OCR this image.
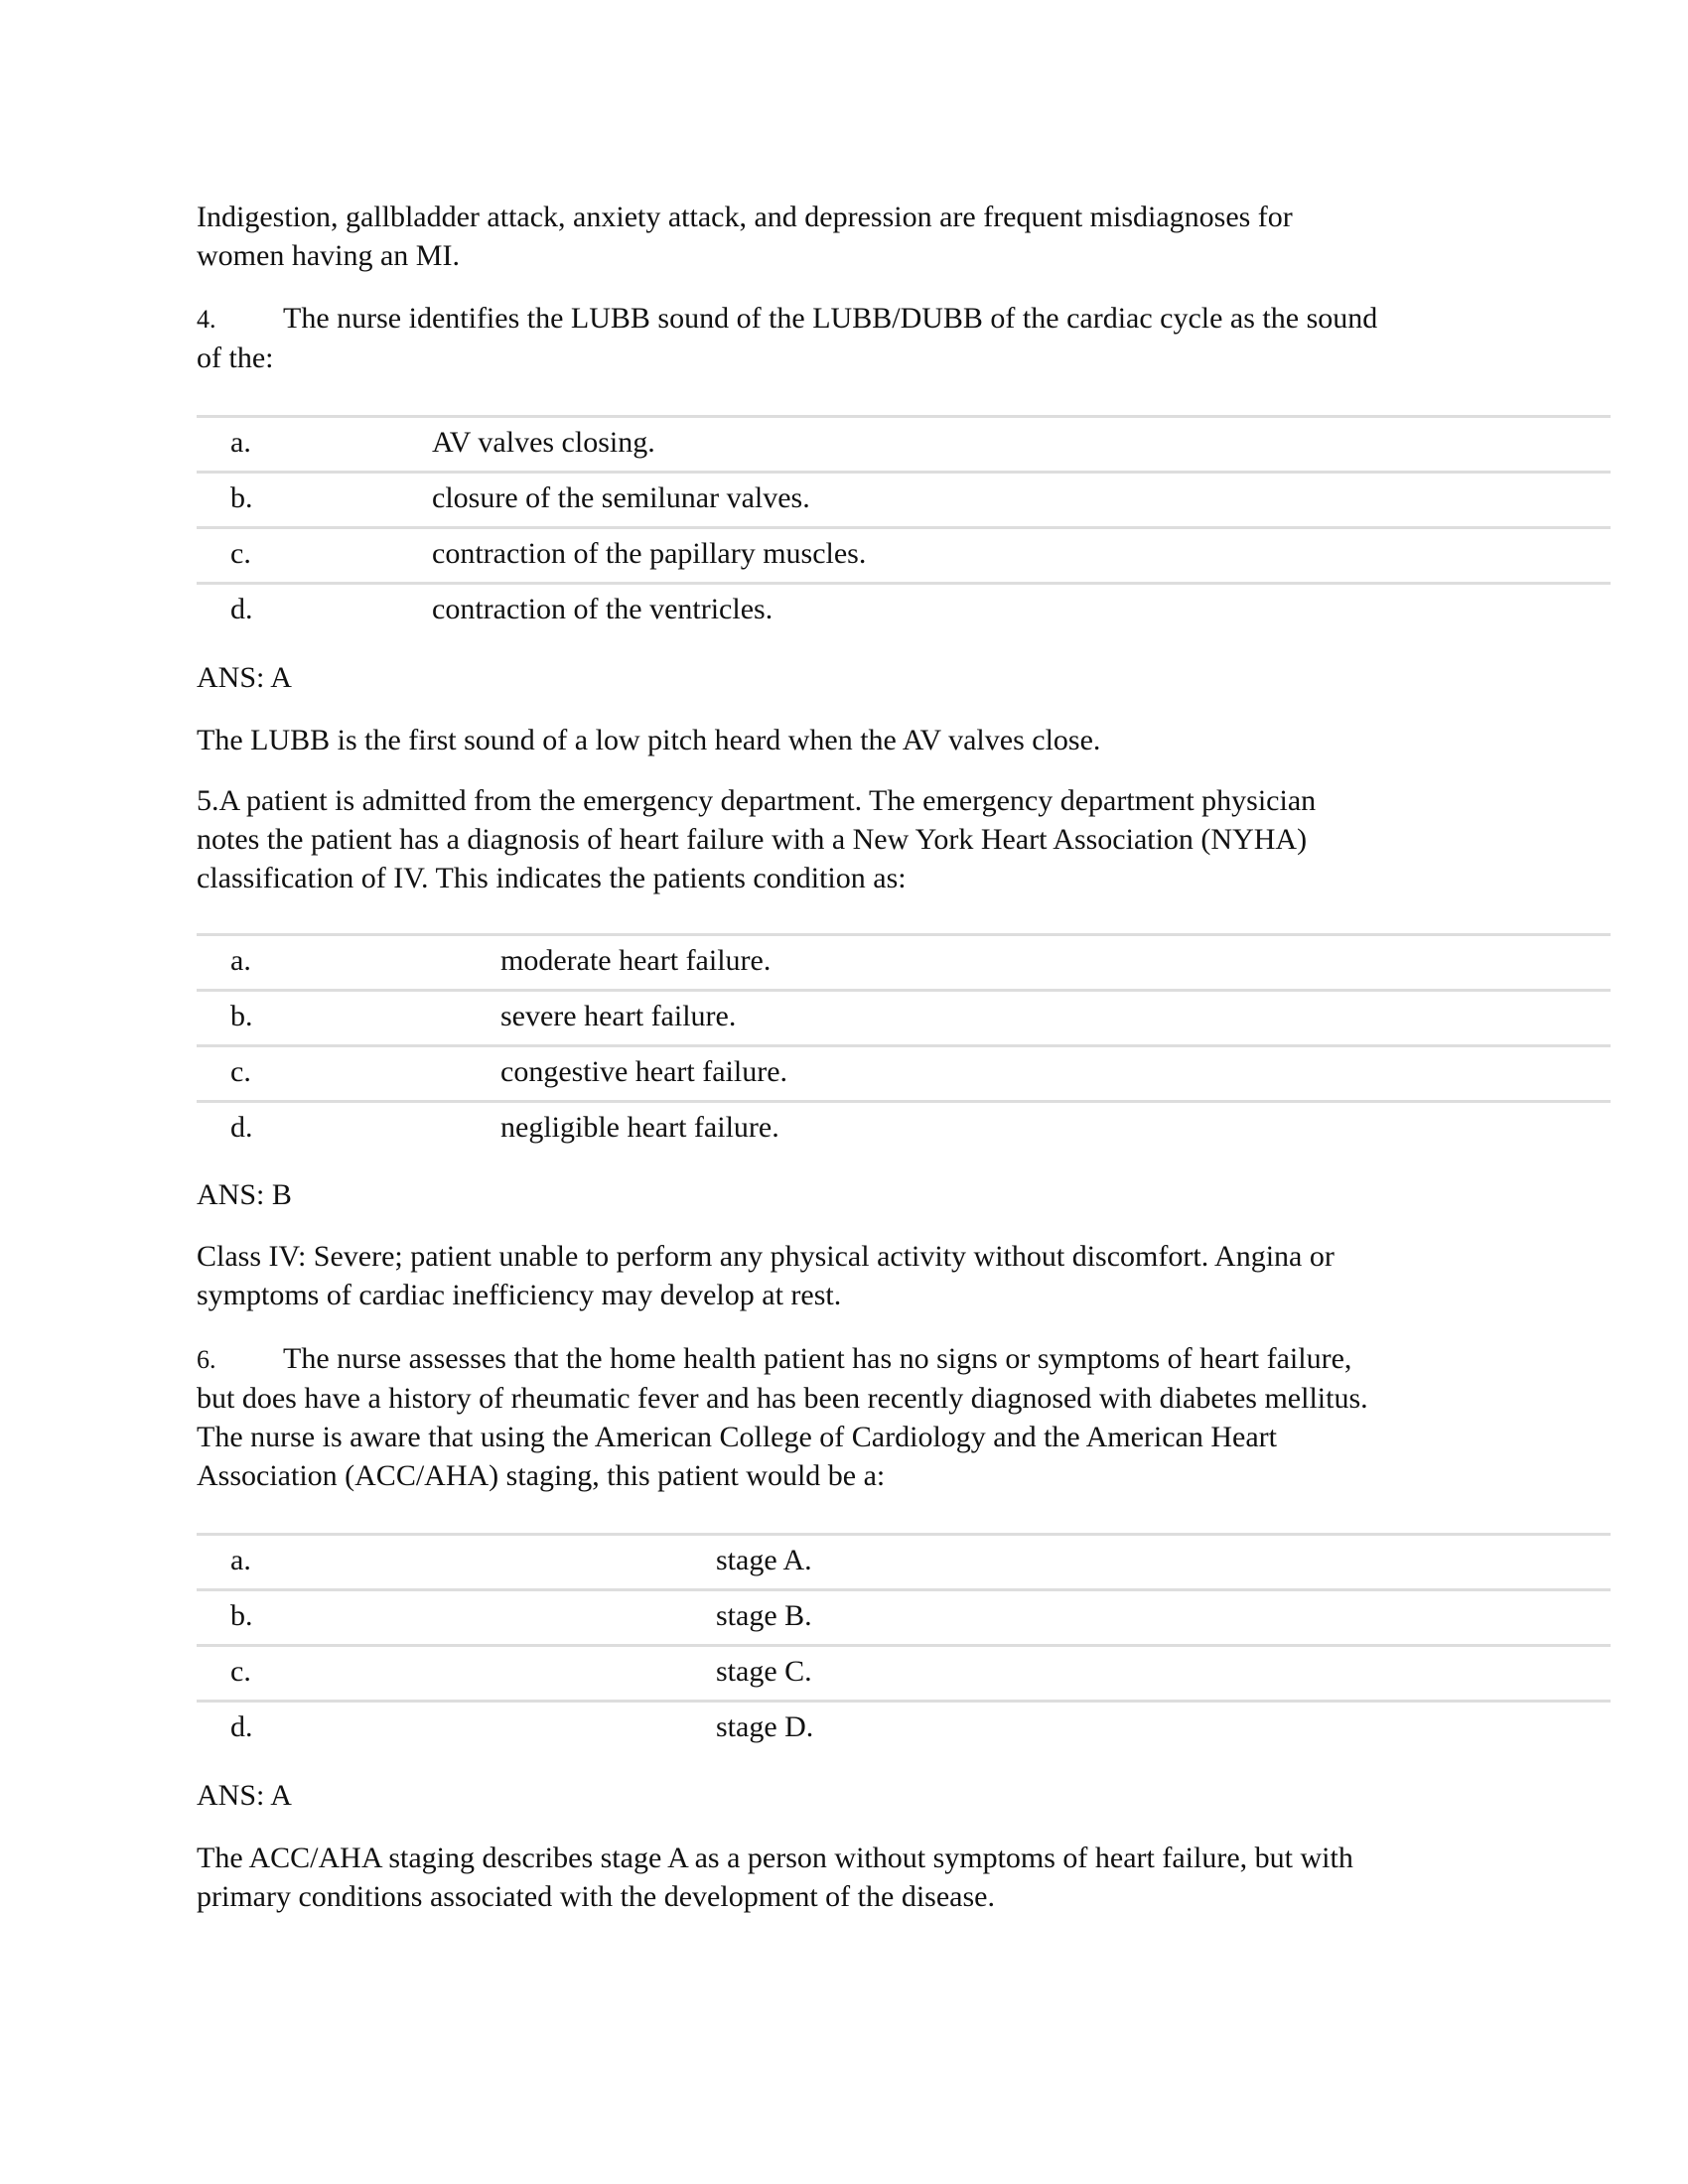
Indigestion, gallbladder attack, anxiety attack, and depression are frequent misdiagnoses for
women having an MI.
4. The nurse identifies the LUBB sound of the LUBB/DUBB of the cardiac cycle as the sound
of the:
a.	AV valves closing.
b.	closure of the semilunar valves.
c.	contraction of the papillary muscles.
d.	contraction of the ventricles.
ANS: A
The LUBB is the first sound of a low pitch heard when the AV valves close.
5.A patient is admitted from the emergency department. The emergency department physician
notes the patient has a diagnosis of heart failure with a New York Heart Association (NYHA)
classification of IV. This indicates the patients condition as:
a.	moderate heart failure.
b.	severe heart failure.
c.	congestive heart failure.
d.	negligible heart failure.
ANS: B
Class IV: Severe; patient unable to perform any physical activity without discomfort. Angina or
symptoms of cardiac inefficiency may develop at rest.
6. The nurse assesses that the home health patient has no signs or symptoms of heart failure,
but does have a history of rheumatic fever and has been recently diagnosed with diabetes mellitus.
The nurse is aware that using the American College of Cardiology and the American Heart
Association (ACC/AHA) staging, this patient would be a:
a.	stage A.
b.	stage B.
c.	stage C.
d.	stage D.
ANS: A
The ACC/AHA staging describes stage A as a person without symptoms of heart failure, but with
primary conditions associated with the development of the disease.
